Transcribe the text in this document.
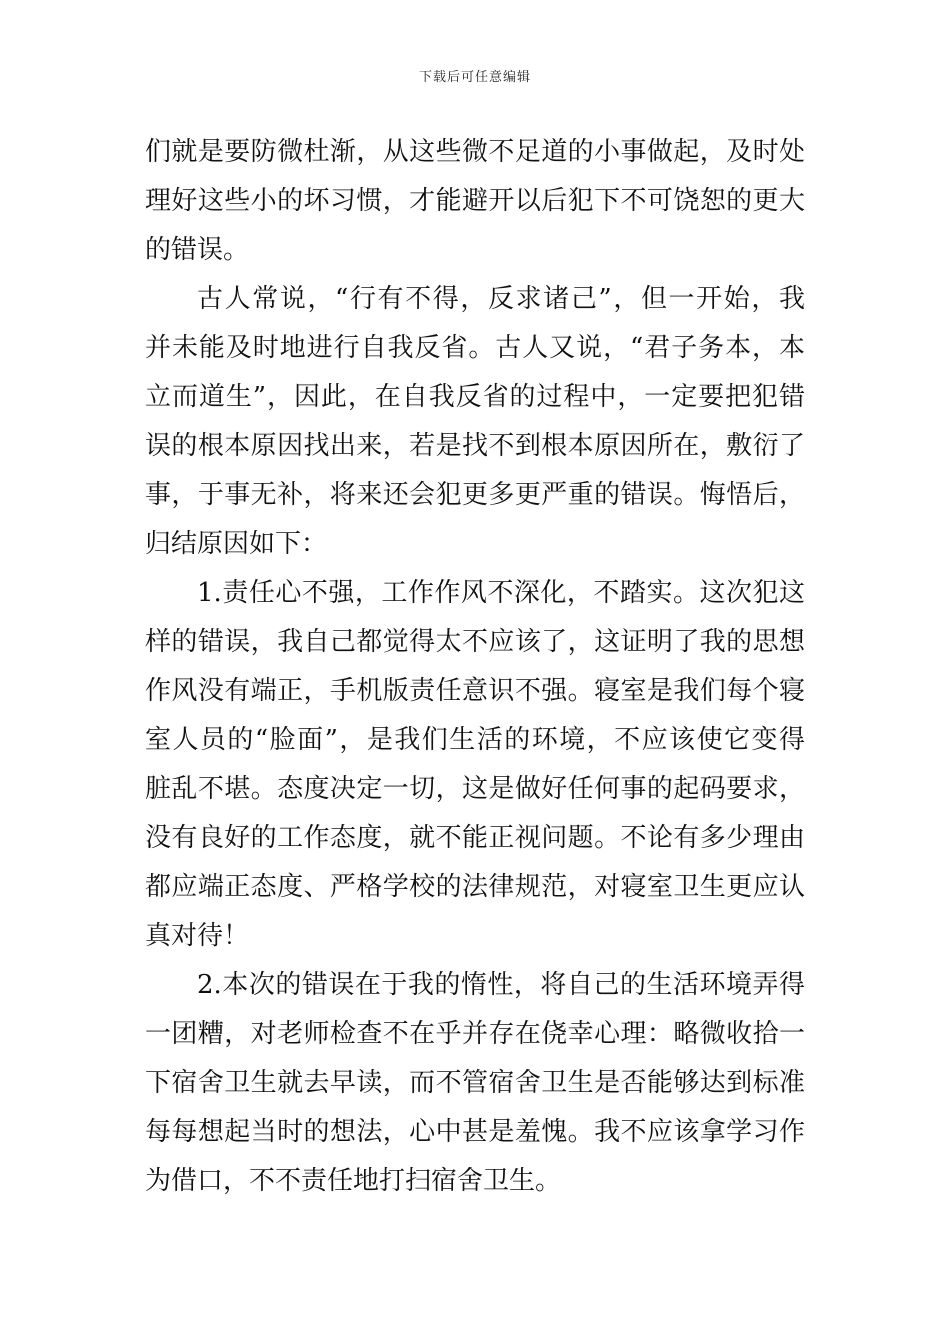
下载后可任意编辑
们就是要防微杜渐，从这些微不足道的小事做起，及时处
理好这些小的坏习惯，才能避开以后犯下不可饶恕的更大
的错误。
古人常说，“行有不得，反求诸己”，但一开始，我
并未能及时地进行自我反省。古人又说，“君子务本，本
立而道生”，因此，在自我反省的过程中，一定要把犯错
误的根本原因找出来，若是找不到根本原因所在，敷衍了
事，于事无补，将来还会犯更多更严重的错误。悔悟后，
归结原因如下：
1.责任心不强，工作作风不深化，不踏实。这次犯这
样的错误，我自己都觉得太不应该了，这证明了我的思想
作风没有端正，手机版责任意识不强。寝室是我们每个寝
室人员的“脸面”，是我们生活的环境，不应该使它变得
脏乱不堪。态度决定一切，这是做好任何事的起码要求，
没有良好的工作态度，就不能正视问题。不论有多少理由
都应端正态度、严格学校的法律规范，对寝室卫生更应认
真对待！
2.本次的错误在于我的惰性，将自己的生活环境弄得
一团糟，对老师检查不在乎并存在侥幸心理：略微收拾一
下宿舍卫生就去早读，而不管宿舍卫生是否能够达到标准
每每想起当时的想法，心中甚是羞愧。我不应该拿学习作
为借口，不不责任地打扫宿舍卫生。
